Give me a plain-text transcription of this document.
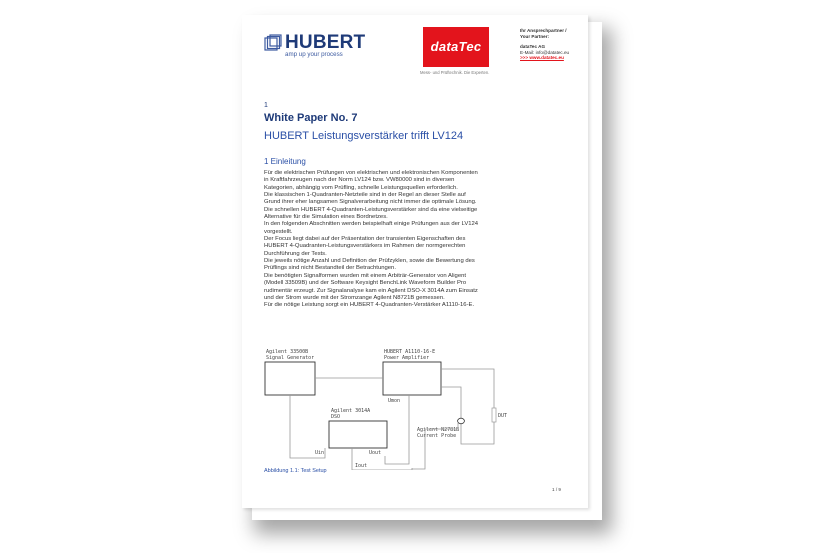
HUBERT
amp up your process
dataTec
Mess- und Prüftechnik. Die Experten.
Ihr Ansprechpartner /
Your Partner:
dataTec AG
E-Mail: info@datatec.eu
>>> www.datatec.eu
1
White Paper No. 7
HUBERT Leistungsverstärker trifft LV124
1 Einleitung
Für die elektrischen Prüfungen von elektrischen und elektronischen Komponenten
in Kraftfahrzeugen nach der Norm LV124 bzw. VW80000 sind in diversen
Kategorien, abhängig vom Prüfling, schnelle Leistungsquellen erforderlich.
Die klassischen 1-Quadranten-Netzteile sind in der Regel an dieser Stelle auf
Grund ihrer eher langsamen Signalverarbeitung nicht immer die optimale Lösung.
Die schnellen HUBERT 4-Quadranten-Leistungsverstärker sind da eine vielseitige
Alternative für die Simulation eines Bordnetzes.
In den folgenden Abschnitten werden beispielhaft einige Prüfungen aus der LV124
vorgestellt.
Der Focus liegt dabei auf der Präsentation der transienten Eigenschaften des
HUBERT 4-Quadranten-Leistungsverstärkers im Rahmen der normgerechten
Durchführung der Tests.
Die jeweils nötige Anzahl und Definition der Prüfzyklen, sowie die Bewertung des
Prüflings sind nicht Bestandteil der Betrachtungen.
Die benötigten Signalformen wurden mit einem Arbiträr-Generator von Aligent
(Modell 33509B) und der Software Keysight BenchLink Waveform Builder Pro
rudimentär erzeugt. Zur Signalanalyse kam ein Agilent DSO-X 3014A zum Einsatz
und der Strom wurde mit der Stromzange Agilent N8721B gemessen.
Für die nötige Leistung sorgt ein HUBERT 4-Quadranten-Verstärker A1110-16-E.
Agilent 33500B
Signal Generator
HUBERT A1110-16-E
Power Amplifier
DUT
Agilent N2781B
Current Probe
Umon
Agilent 3014A
DSO
Uin	Uout
Iout
Abbildung 1.1: Test Setup
1 / 9
